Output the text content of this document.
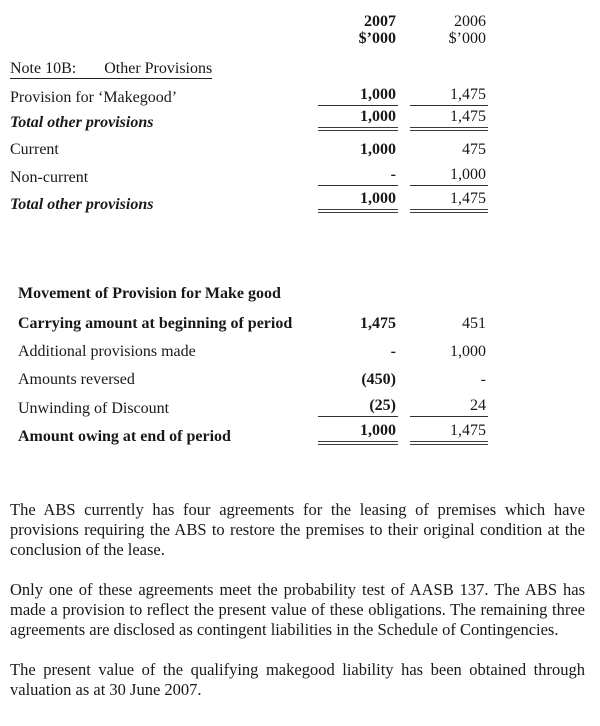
2007	2006
$’000	$’000
Note 10B: Other Provisions
Provision for ‘Makegood’	1,000	1,475
Total other provisions	1,000	1,475
Current	1,000	475
Non-current	-	1,000
Total other provisions	1,000	1,475
Movement of Provision for Make good
Carrying amount at beginning of period	1,475	451
Additional provisions made	-	1,000
Amounts reversed	(450)	-
Unwinding of Discount	(25)	24
Amount owing at end of period	1,000	1,475

The ABS currently has four agreements for the leasing of premises which have provisions requiring the ABS to restore the premises to their original condition at the conclusion of the lease.

Only one of these agreements meet the probability test of AASB 137. The ABS has made a provision to reflect the present value of these obligations. The remaining three agreements are disclosed as contingent liabilities in the Schedule of Contingencies.

The present value of the qualifying makegood liability has been obtained through valuation as at 30 June 2007.
